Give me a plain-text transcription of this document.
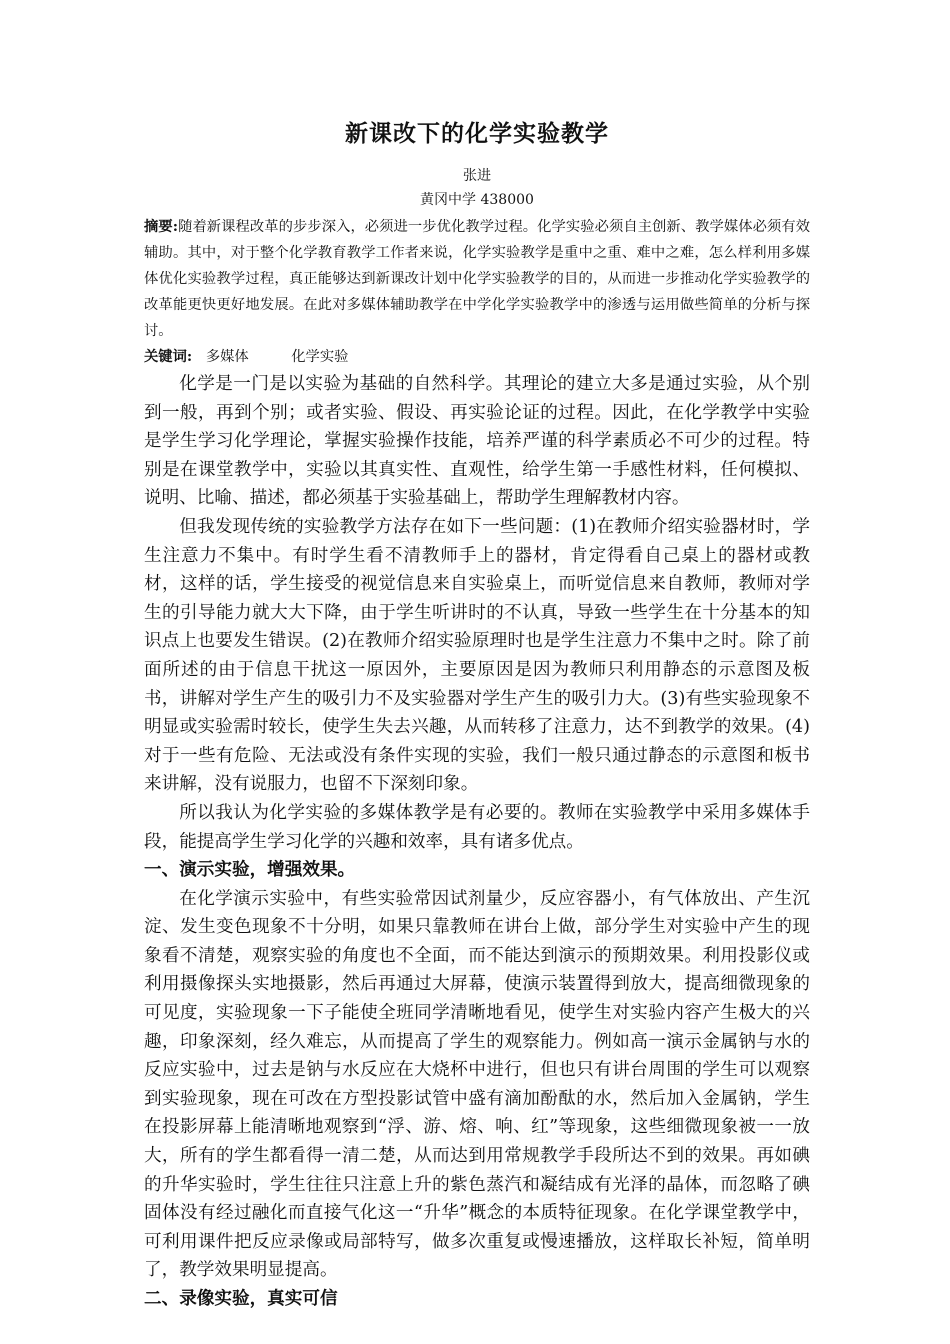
新课改下的化学实验教学
张进
黄冈中学 438000
摘要:随着新课程改革的步步深入，必须进一步优化教学过程。化学实验必须自主创新、教学媒体必须有效辅助。其中，对于整个化学教育教学工作者来说，化学实验教学是重中之重、难中之难，怎么样利用多媒体优化实验教学过程，真正能够达到新课改计划中化学实验教学的目的，从而进一步推动化学实验教学的改革能更快更好地发展。在此对多媒体辅助教学在中学化学实验教学中的渗透与运用做些简单的分析与探讨。
关键词: 多媒体	化学实验

化学是一门是以实验为基础的自然科学。其理论的建立大多是通过实验，从个别到一般，再到个别；或者实验、假设、再实验论证的过程。因此，在化学教学中实验是学生学习化学理论，掌握实验操作技能，培养严谨的科学素质必不可少的过程。特别是在课堂教学中，实验以其真实性、直观性，给学生第一手感性材料，任何模拟、说明、比喻、描述，都必须基于实验基础上，帮助学生理解教材内容。

但我发现传统的实验教学方法存在如下一些问题：(1)在教师介绍实验器材时，学生注意力不集中。有时学生看不清教师手上的器材，肯定得看自己桌上的器材或教材，这样的话，学生接受的视觉信息来自实验桌上，而听觉信息来自教师，教师对学生的引导能力就大大下降，由于学生听讲时的不认真，导致一些学生在十分基本的知识点上也要发生错误。(2)在教师介绍实验原理时也是学生注意力不集中之时。除了前面所述的由于信息干扰这一原因外，主要原因是因为教师只利用静态的示意图及板书，讲解对学生产生的吸引力不及实验器对学生产生的吸引力大。(3)有些实验现象不明显或实验需时较长，使学生失去兴趣，从而转移了注意力，达不到教学的效果。(4)对于一些有危险、无法或没有条件实现的实验，我们一般只通过静态的示意图和板书来讲解，没有说服力，也留不下深刻印象。

所以我认为化学实验的多媒体教学是有必要的。教师在实验教学中采用多媒体手段，能提高学生学习化学的兴趣和效率，具有诸多优点。

一、演示实验，增强效果。

在化学演示实验中，有些实验常因试剂量少，反应容器小，有气体放出、产生沉淀、发生变色现象不十分明，如果只靠教师在讲台上做，部分学生对实验中产生的现象看不清楚，观察实验的角度也不全面，而不能达到演示的预期效果。利用投影仪或利用摄像探头实地摄影，然后再通过大屏幕，使演示装置得到放大，提高细微现象的可见度，实验现象一下子能使全班同学清晰地看见，使学生对实验内容产生极大的兴趣，印象深刻，经久难忘，从而提高了学生的观察能力。例如高一演示金属钠与水的反应实验中，过去是钠与水反应在大烧杯中进行，但也只有讲台周围的学生可以观察到实验现象，现在可改在方型投影试管中盛有滴加酚酞的水，然后加入金属钠，学生在投影屏幕上能清晰地观察到“浮、游、熔、响、红”等现象，这些细微现象被一一放大，所有的学生都看得一清二楚，从而达到用常规教学手段所达不到的效果。再如碘的升华实验时，学生往往只注意上升的紫色蒸汽和凝结成有光泽的晶体，而忽略了碘固体没有经过融化而直接气化这一“升华”概念的本质特征现象。在化学课堂教学中，可利用课件把反应录像或局部特写，做多次重复或慢速播放，这样取长补短，简单明了，教学效果明显提高。

二、录像实验，真实可信
